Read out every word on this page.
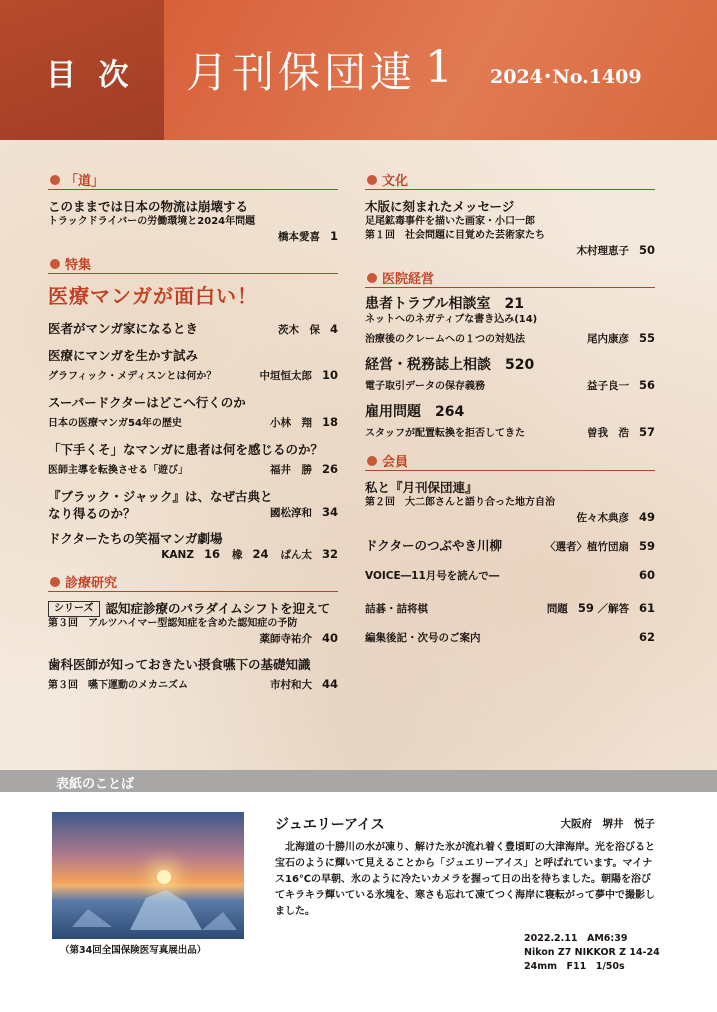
目 次 月刊保団連 1 2024･No.1409
「道」
このままでは日本の物流は崩壊する
トラックドライバーの労働環境と2024年問題
橋本愛喜 1
特集
医療マンガが面白い！
医者がマンガ家になるとき	茨木　保 4
医療にマンガを生かす試み
グラフィック・メディスンとは何か？	中垣恒太郎 10
スーパードクターはどこへ行くのか
日本の医療マンガ54年の歴史	小林　翔 18
「下手くそ」なマンガに患者は何を感じるのか？
医師主導を転換させる「遊び」	福井　勝 26
『ブラック・ジャック』は、なぜ古典となり得るのか？	國松淳和 34
ドクターたちの笑福マンガ劇場
KANZ 16 橡 24 ぱん太 32
診療研究
シリーズ 認知症診療のパラダイムシフトを迎えて
第３回　アルツハイマー型認知症を含めた認知症の予防
薬師寺祐介 40
歯科医師が知っておきたい摂食嚥下の基礎知識
第３回　嚥下運動のメカニズム	市村和大 44
文化
木版に刻まれたメッセージ
足尾鉱毒事件を描いた画家・小口一郎
第１回　社会問題に目覚めた芸術家たち
木村理恵子 50
医院経営
患者トラブル相談室　 21
ネットへのネガティブな書き込み(14)
治療後のクレームへの１つの対処法	尾内康彦 55
経営・税務誌上相談　 520
電子取引データの保存義務	益子良一 56
雇用問題　 264
スタッフが配置転換を拒否してきた	曽我　浩 57
会員
私と『月刊保団連』
第２回　大二郎さんと語り合った地方自治
佐々木典彦 49
ドクターのつぶやき川柳	〈選者〉植竹団扇 59
VOICE―11月号を読んで―	60
詰碁・詰将棋	問題 59 ／解答 61
編集後記・次号のご案内	62
表紙のことば
（第34回全国保険医写真展出品）
ジュエリーアイス	大阪府　堺井　悦子
北海道の十勝川の水が凍り、解けた氷が流れ着く豊頃町の大津海岸。光を浴びると宝石のように輝いて見えることから「ジュエリーアイス」と呼ばれています。マイナス16℃の早朝、氷のように冷たいカメラを握って日の出を待ちました。朝陽を浴びてキラキラ輝いている氷塊を、寒さも忘れて凍てつく海岸に寝転がって夢中で撮影しました。
2022.2.11　AM6:39
Nikon Z7 NIKKOR Z 14-24
24mm　F11　1/50s
